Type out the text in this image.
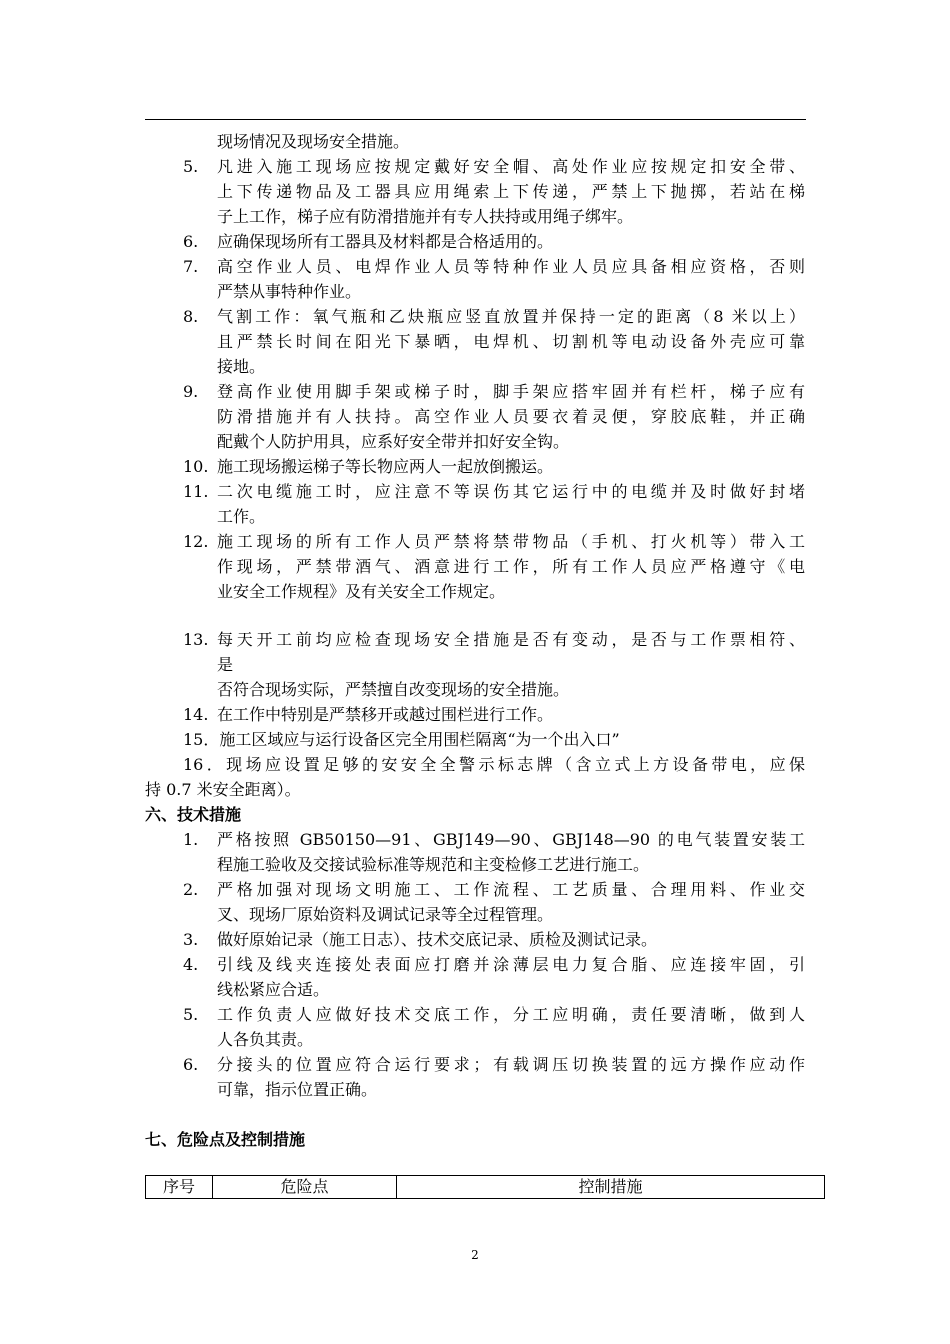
现场情况及现场安全措施。
5. 凡进入施工现场应按规定戴好安全帽、高处作业应按规定扣安全带、
上下传递物品及工器具应用绳索上下传递，严禁上下抛掷，若站在梯
子上工作，梯子应有防滑措施并有专人扶持或用绳子绑牢。
6. 应确保现场所有工器具及材料都是合格适用的。
7. 高空作业人员、电焊作业人员等特种作业人员应具备相应资格，否则
严禁从事特种作业。
8. 气割工作：氧气瓶和乙炔瓶应竖直放置并保持一定的距离（8 米以上）
且严禁长时间在阳光下暴晒，电焊机、切割机等电动设备外壳应可靠
接地。
9. 登高作业使用脚手架或梯子时，脚手架应搭牢固并有栏杆，梯子应有
防滑措施并有人扶持。高空作业人员要衣着灵便，穿胶底鞋，并正确
配戴个人防护用具，应系好安全带并扣好安全钩。
10. 施工现场搬运梯子等长物应两人一起放倒搬运。
11. 二次电缆施工时，应注意不等误伤其它运行中的电缆并及时做好封堵
工作。
12. 施工现场的所有工作人员严禁将禁带物品（手机、打火机等）带入工
作现场，严禁带酒气、酒意进行工作，所有工作人员应严格遵守《电
业安全工作规程》及有关安全工作规定。
13. 每天开工前均应检查现场安全措施是否有变动，是否与工作票相符、
是
否符合现场实际，严禁擅自改变现场的安全措施。
14. 在工作中特别是严禁移开或越过围栏进行工作。
15．施工区域应与运行设备区完全用围栏隔离“为一个出入口”
16．现场应设置足够的安安全全警示标志牌（含立式上方设备带电，应保
持 0.7 米安全距离）。
六、技术措施
1. 严格按照 GB50150—91、GBJ149—90、GBJ148—90 的电气装置安装工
程施工验收及交接试验标准等规范和主变检修工艺进行施工。
2. 严格加强对现场文明施工、工作流程、工艺质量、合理用料、作业交
叉、现场厂原始资料及调试记录等全过程管理。
3. 做好原始记录（施工日志）、技术交底记录、质检及测试记录。
4. 引线及线夹连接处表面应打磨并涂薄层电力复合脂、应连接牢固，引
线松紧应合适。
5. 工作负责人应做好技术交底工作，分工应明确，责任要清晰，做到人
人各负其责。
6. 分接头的位置应符合运行要求；有载调压切换装置的远方操作应动作
可靠，指示位置正确。
七、危险点及控制措施
序号	危险点	控制措施
2
